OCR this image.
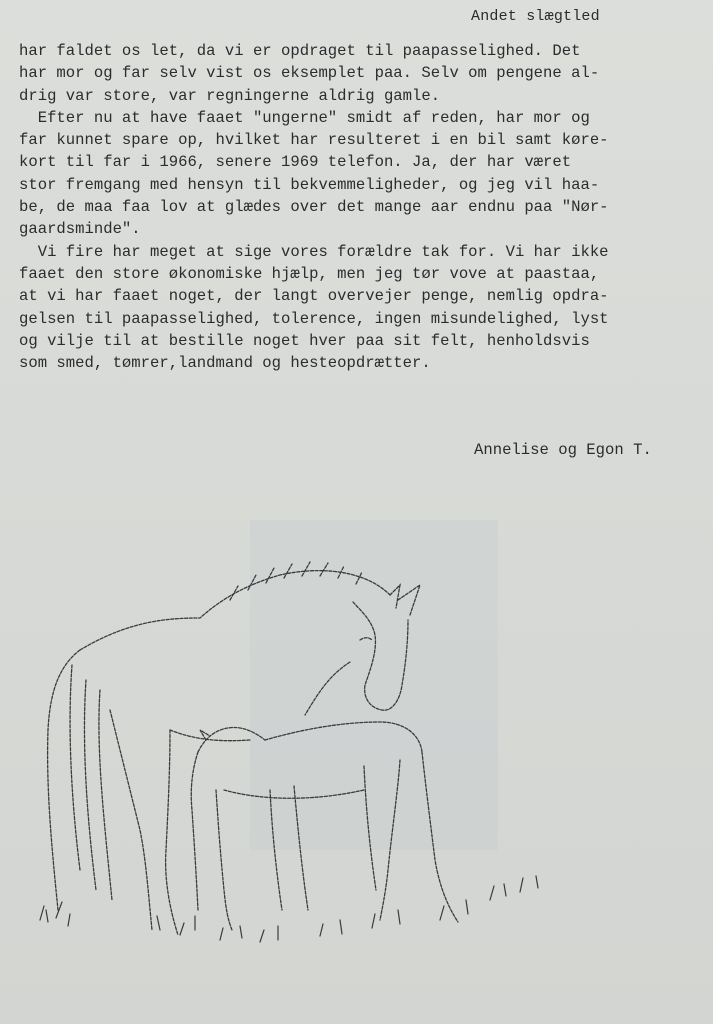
Andet slægtled
har faldet os let, da vi er opdraget til paapasselighed. Det
har mor og far selv vist os eksemplet paa. Selv om pengene al-
drig var store, var regningerne aldrig gamle.
Efter nu at have faaet "ungerne" smidt af reden, har mor og
far kunnet spare op, hvilket har resulteret i en bil samt køre-
kort til far i 1966, senere 1969 telefon. Ja, der har været
stor fremgang med hensyn til bekvemmeligheder, og jeg vil haa-
be, de maa faa lov at glædes over det mange aar endnu paa "Nør-
gaardsminde".
Vi fire har meget at sige vores forældre tak for. Vi har ikke
faaet den store økonomiske hjælp, men jeg tør vove at paastaa,
at vi har faaet noget, der langt overvejer penge, nemlig opdra-
gelsen til paapasselighed, tolerence, ingen misundelighed, lyst
og vilje til at bestille noget hver paa sit felt, henholdsvis
som smed, tømrer,landmand og hesteopdrætter.
Annelise og Egon T.
